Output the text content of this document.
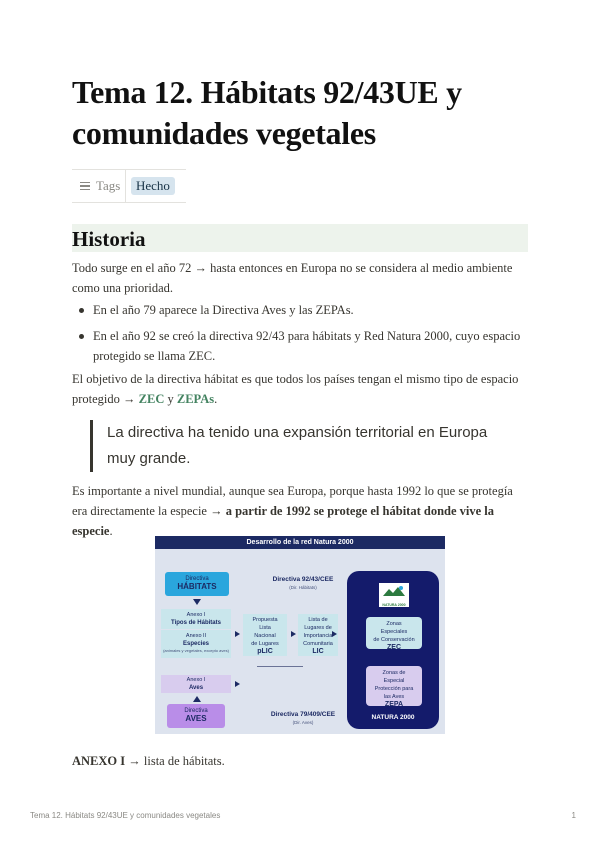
Tema 12. Hábitats 92/43UE y comunidades vegetales
Tags	Hecho
Historia

Todo surge en el año 72 → hasta entonces en Europa no se considera al medio ambiente como una prioridad.

En el año 79 aparece la Directiva Aves y las ZEPAs.
En el año 92 se creó la directiva 92/43 para hábitats y Red Natura 2000, cuyo espacio protegido se llama ZEC.

El objetivo de la directiva hábitat es que todos los países tengan el mismo tipo de espacio protegido → ZEC y ZEPAs.

La directiva ha tenido una expansión territorial en Europa muy grande.

Es importante a nivel mundial, aunque sea Europa, porque hasta 1992 lo que se protegía era directamente la especie → a partir de 1992 se protege el hábitat donde vive la especie.

Desarrollo de la red Natura 2000
Directiva
HÁBITATS
Directiva 92/43/CEE
(Dir. Hábitats)
Anexo I
Tipos de Hábitats
Anexo II
Especies
(animales y vegetales, excepto aves)
Propuesta
Lista
Nacional
de Lugares
pLIC
Lista de
Lugares de
Importancia
Comunitaria
LIC
Anexo I
Aves
Directiva
AVES	Directiva 79/409/CEE
(Dir. Aves)
NATURA 2000
Zonas
Especiales
de Conservación
ZEC
Zonas de
Especial
Protección para
las Aves
ZEPA
NATURA 2000

ANEXO I → lista de hábitats.

Tema 12. Hábitats 92/43UE y comunidades vegetales	1
